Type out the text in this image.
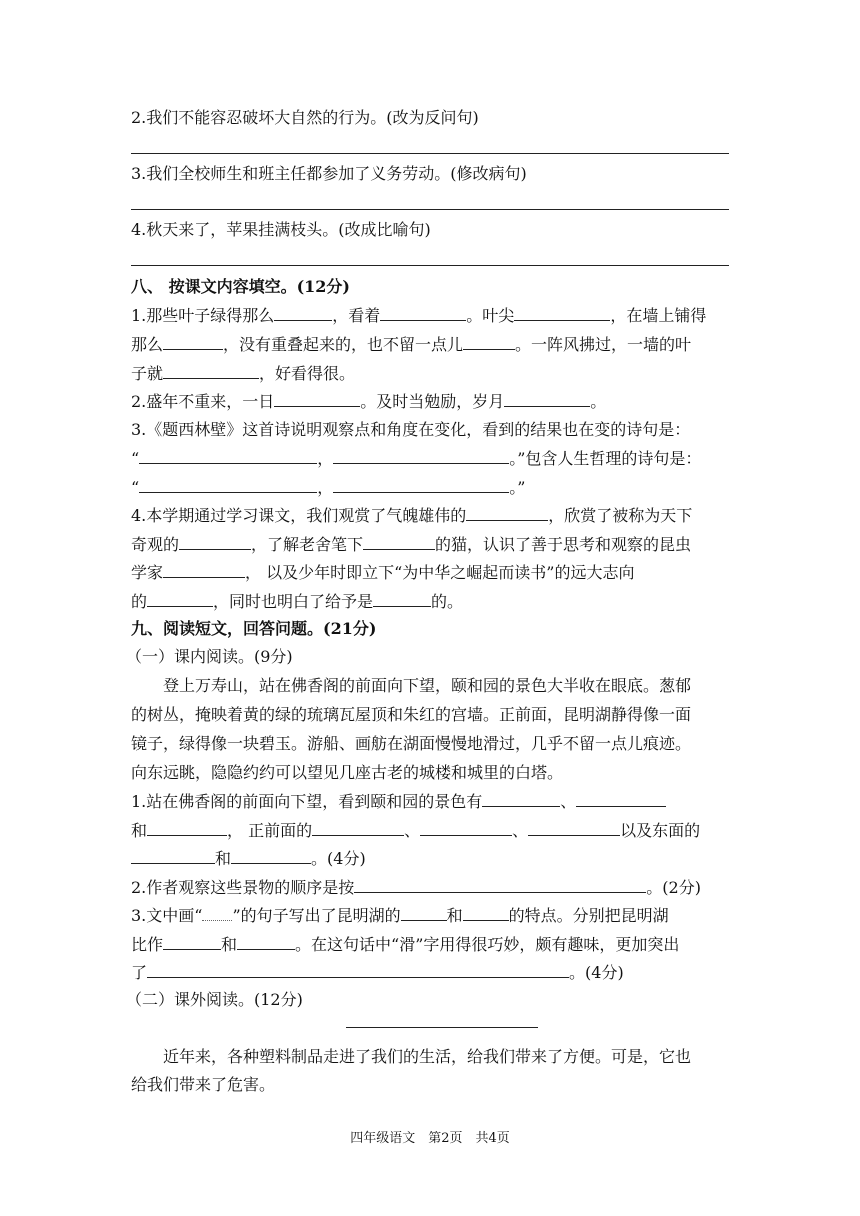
2.我们不能容忍破坏大自然的行为。(改为反问句)
3.我们全校师生和班主任都参加了义务劳动。(修改病句)
4.秋天来了，苹果挂满枝头。(改成比喻句)
八、 按课文内容填空。(12分)
1.那些叶子绿得那么	，看着	。叶尖	，在墙上铺得
那么	，没有重叠起来的，也不留一点儿	。一阵风拂过，一墙的叶
子就	，好看得很。
2.盛年不重来，一日	。及时当勉励，岁月	。
3.《题西林壁》这首诗说明观察点和角度在变化，看到的结果也在变的诗句是：
“	，	。”包含人生哲理的诗句是：
“	，	。”
4.本学期通过学习课文，我们观赏了气魄雄伟的	，欣赏了被称为天下
奇观的	，了解老舍笔下	的猫，认识了善于思考和观察的昆虫
学家	， 以及少年时即立下“为中华之崛起而读书”的远大志向
的	，同时也明白了给予是	的。
九、阅读短文，回答问题。(21分)
（一）课内阅读。(9分)
登上万寿山，站在佛香阁的前面向下望，颐和园的景色大半收在眼底。葱郁
的树丛，掩映着黄的绿的琉璃瓦屋顶和朱红的宫墙。正前面，昆明湖静得像一面
镜子，绿得像一块碧玉。游船、画舫在湖面慢慢地滑过，几乎不留一点儿痕迹。
向东远眺，隐隐约约可以望见几座古老的城楼和城里的白塔。
1.站在佛香阁的前面向下望，看到颐和园的景色有	、
和	， 正前面的	、	、	以及东面的
和	。(4分)
2.作者观察这些景物的顺序是按	。(2分)
3.文中画“ ”的句子写出了昆明湖的	和	的特点。分别把昆明湖
比作	和	。在这句话中“滑”字用得很巧妙，颇有趣味，更加突出
了	。(4分)
（二）课外阅读。(12分)
近年来，各种塑料制品走进了我们的生活，给我们带来了方便。可是，它也
给我们带来了危害。
四年级语文　第2页　共4页
